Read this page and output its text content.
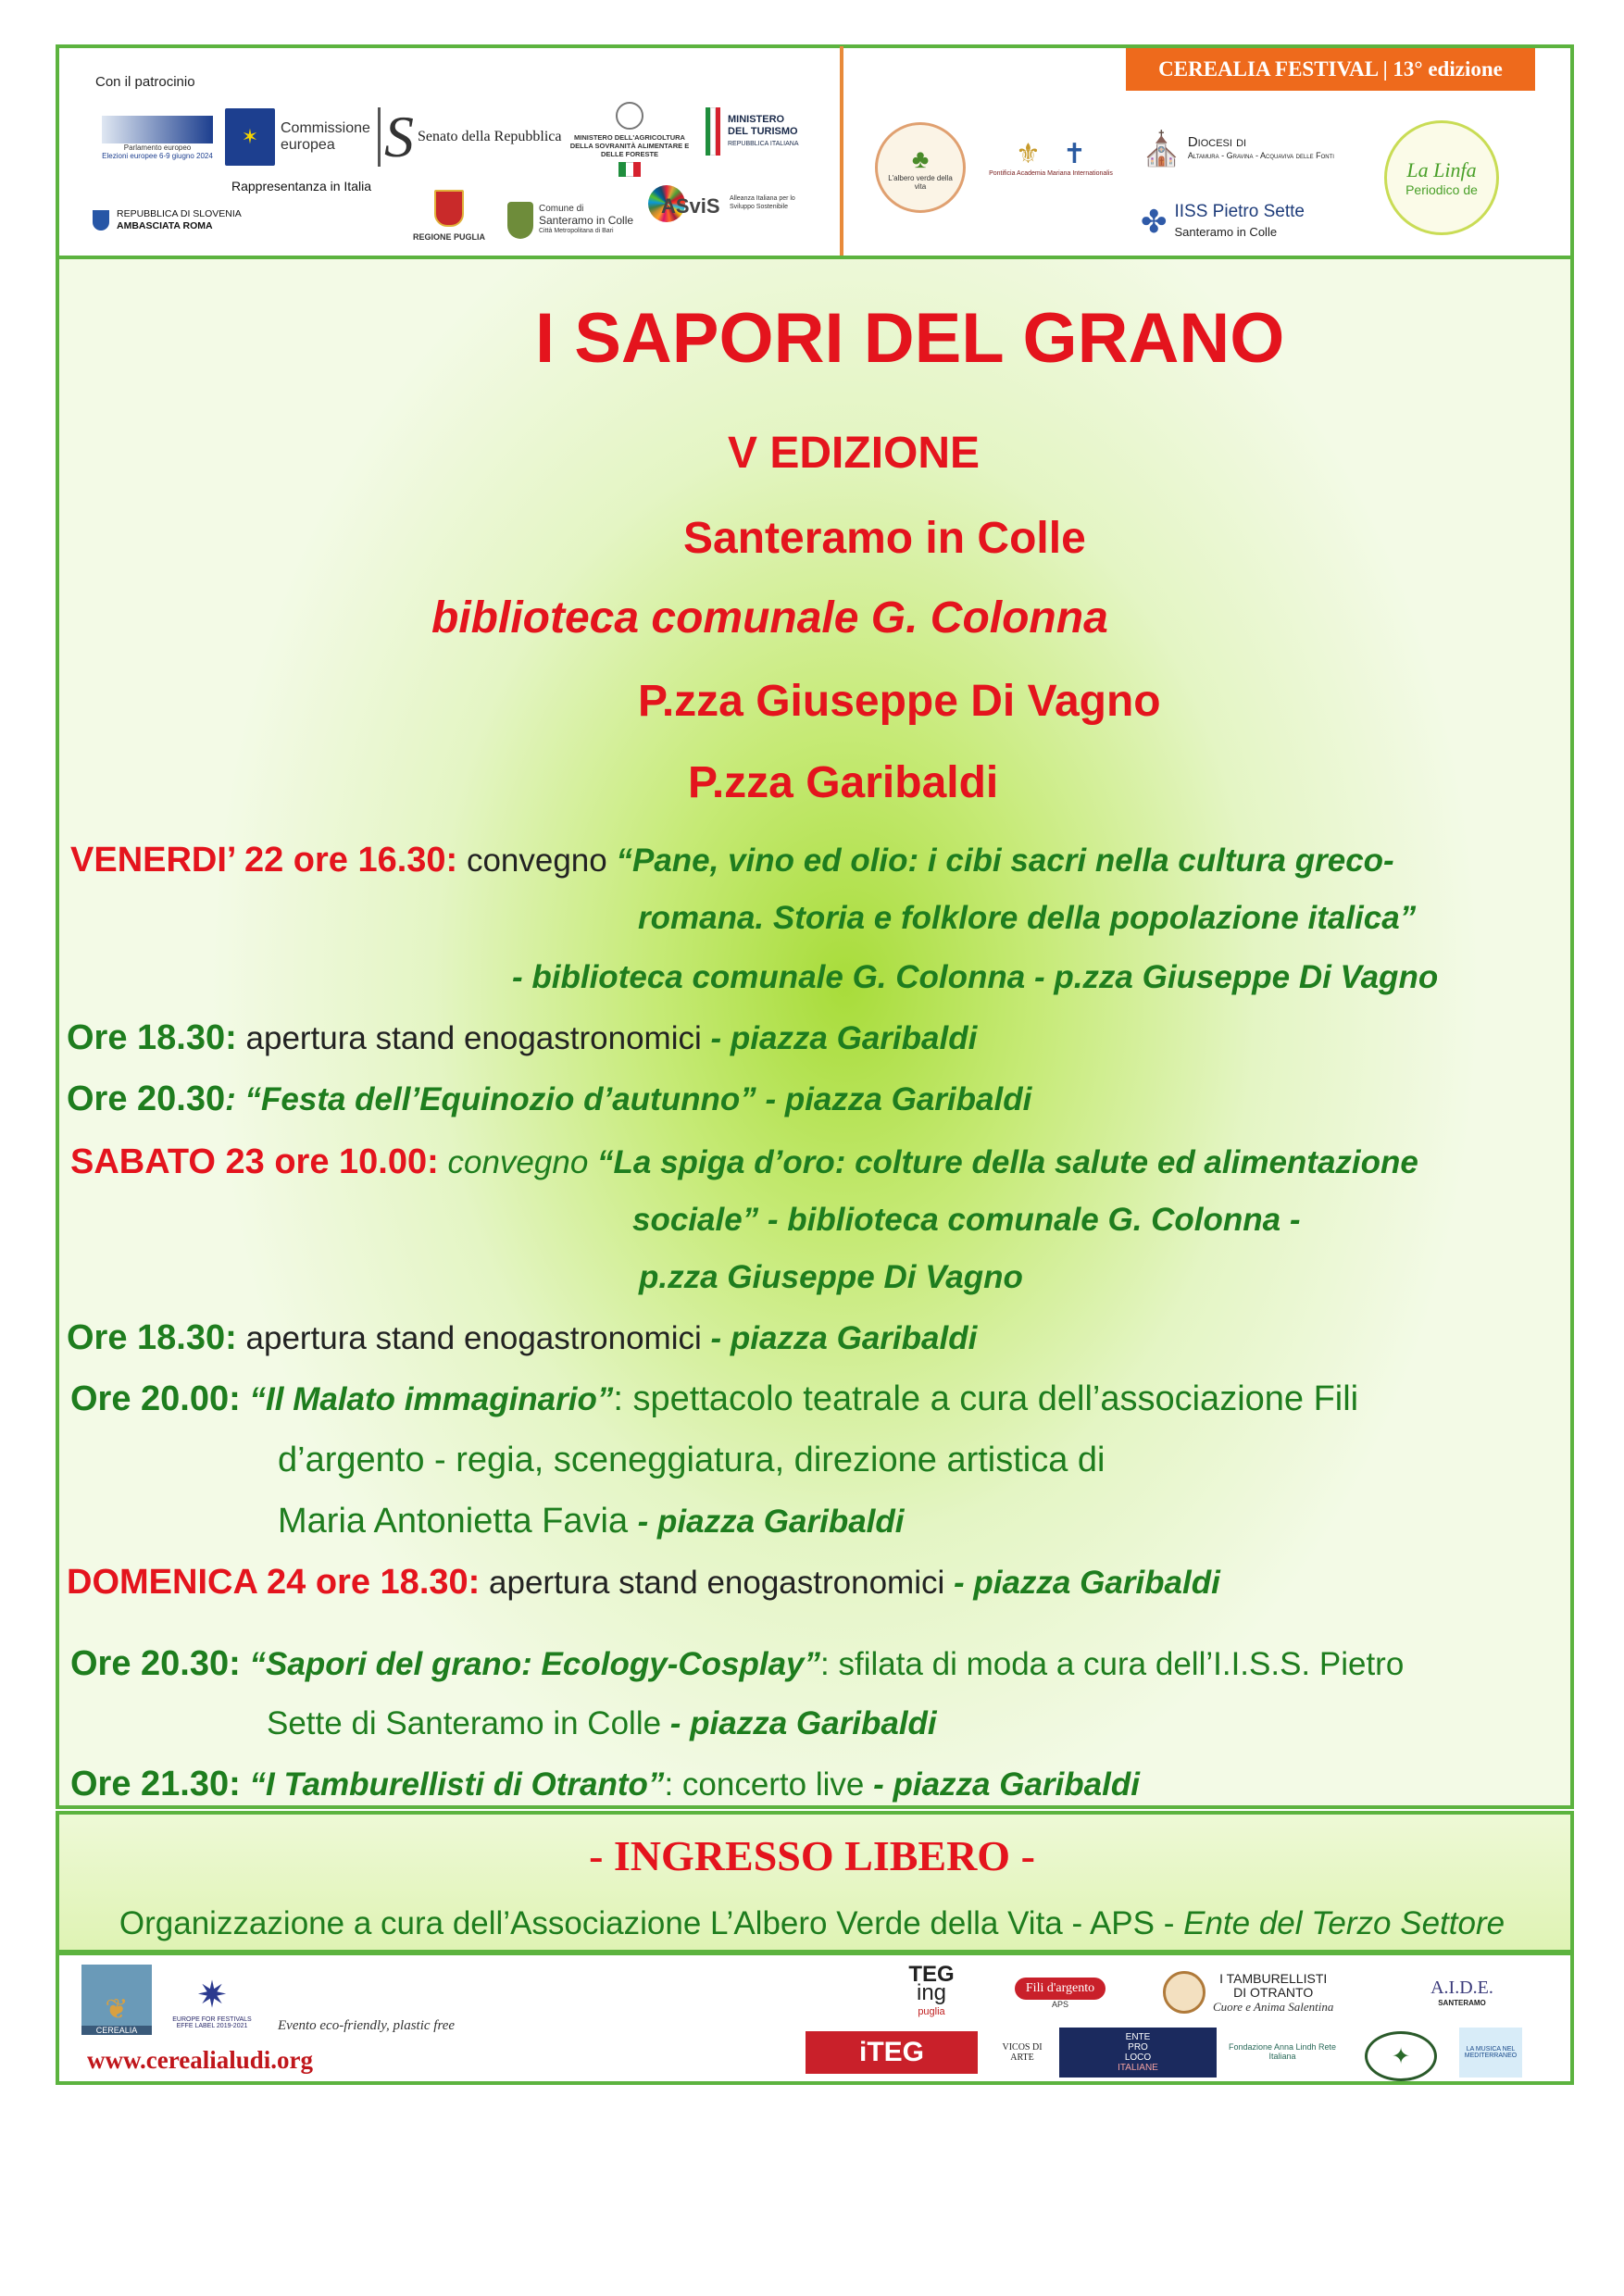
Con il patrocinio
Parlamento europeo
Elezioni europee 6-9 giugno 2024
✶	Commissione
europea
Rappresentanza in Italia
S Senato della Repubblica	MINISTERO DELL'AGRICOLTURA DELLA SOVRANITÀ ALIMENTARE E DELLE FORESTE
MINISTERO
DEL TURISMO
REPUBBLICA ITALIANA
REPUBBLICA DI SLOVENIA
AMBASCIATA ROMA
REGIONE PUGLIA
Comune di
Santeramo in Colle
Città Metropolitana di Bari
ASviS Alleanza Italiana per lo Sviluppo Sostenibile
♣
L'albero verde della vita
⚜ ✝
Pontificia Academia Mariana Internationalis
⛪ Diocesi di
Altamura - Gravina - Acquaviva delle Fonti
✤ IISS Pietro Sette
Santeramo in Colle
La Linfa
Periodico de
CEREALIA FESTIVAL | 13° edizione
I SAPORI DEL GRANO
V EDIZIONE
Santeramo in Colle
biblioteca comunale G. Colonna
P.zza Giuseppe Di Vagno
P.zza Garibaldi
VENERDI’ 22 ore 16.30: convegno “Pane, vino ed olio: i cibi sacri nella cultura greco-
romana. Storia e folklore della popolazione italica”
- biblioteca comunale G. Colonna - p.zza Giuseppe Di Vagno
Ore 18.30: apertura stand enogastronomici - piazza Garibaldi
Ore 20.30: “Festa dell’Equinozio d’autunno” - piazza Garibaldi
SABATO 23 ore 10.00: convegno “La spiga d’oro: colture della salute ed alimentazione
sociale” - biblioteca comunale G. Colonna -
p.zza Giuseppe Di Vagno
Ore 18.30: apertura stand enogastronomici - piazza Garibaldi
Ore 20.00: “Il Malato immaginario”: spettacolo teatrale a cura dell’associazione Fili
d’argento - regia, sceneggiatura, direzione artistica di
Maria Antonietta Favia - piazza Garibaldi
DOMENICA 24 ore 18.30: apertura stand enogastronomici - piazza Garibaldi
Ore 20.30: “Sapori del grano: Ecology-Cosplay”: sfilata di moda a cura dell’I.I.S.S. Pietro
Sette di Santeramo in Colle - piazza Garibaldi
Ore 21.30: “I Tamburellisti di Otranto”: concerto live - piazza Garibaldi
- INGRESSO LIBERO -
Organizzazione a cura dell’Associazione L’Albero Verde della Vita - APS - Ente del Terzo Settore
❦
CEREALIA
✷
EUROPE FOR FESTIVALS
EFFE LABEL 2019-2021 Evento eco-friendly, plastic free
www.cerealialudi.org
TEG
ing
puglia
Fili d'argento
APS
I TAMBURELLISTI
DI OTRANTO
Cuore e Anima Salentina
A.I.D.E.
SANTERAMO
iTEG	VICOS DI ARTE
ENTE
PRO
LOCO
ITALIANE
Fondazione Anna Lindh Rete Italiana	✦	LA MUSICA NEL MEDITERRANEO
